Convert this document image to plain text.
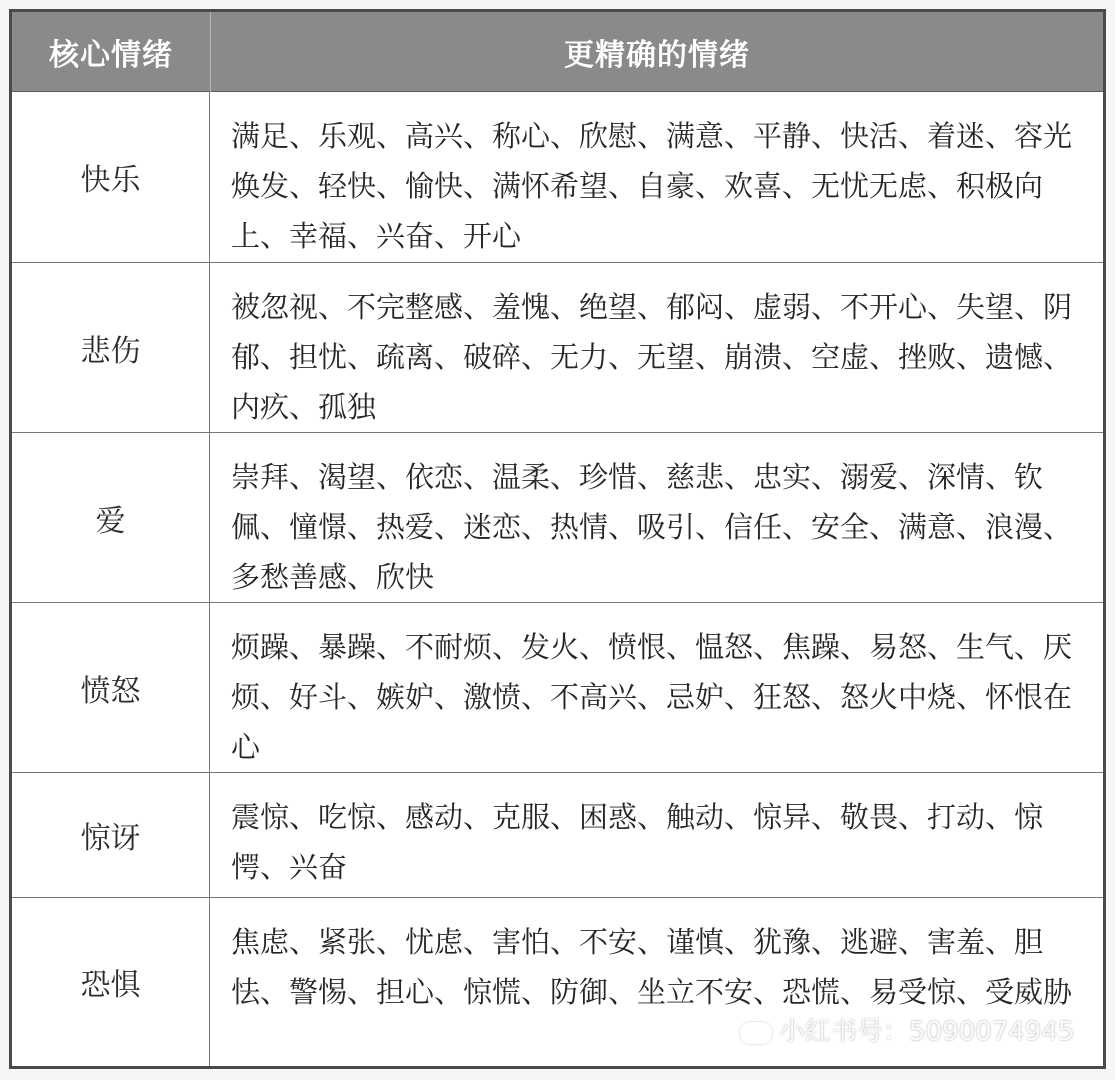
核心情绪	更精确的情绪
快乐
满足、乐观、高兴、称心、欣慰、满意、平静、快活、着迷、容光焕发、轻快、愉快、满怀希望、自豪、欢喜、无忧无虑、积极向上、幸福、兴奋、开心
悲伤
被忽视、不完整感、羞愧、绝望、郁闷、虚弱、不开心、失望、阴郁、担忧、疏离、破碎、无力、无望、崩溃、空虚、挫败、遗憾、内疚、孤独
爱
崇拜、渴望、依恋、温柔、珍惜、慈悲、忠实、溺爱、深情、钦佩、憧憬、热爱、迷恋、热情、吸引、信任、安全、满意、浪漫、多愁善感、欣快
愤怒
烦躁、暴躁、不耐烦、发火、愤恨、愠怒、焦躁、易怒、生气、厌烦、好斗、嫉妒、激愤、不高兴、忌妒、狂怒、怒火中烧、怀恨在心
惊讶
震惊、吃惊、感动、克服、困惑、触动、惊异、敬畏、打动、惊愕、兴奋
恐惧
焦虑、紧张、忧虑、害怕、不安、谨慎、犹豫、逃避、害羞、胆怯、警惕、担心、惊慌、防御、坐立不安、恐慌、易受惊、受威胁
小红书号：5090074945
